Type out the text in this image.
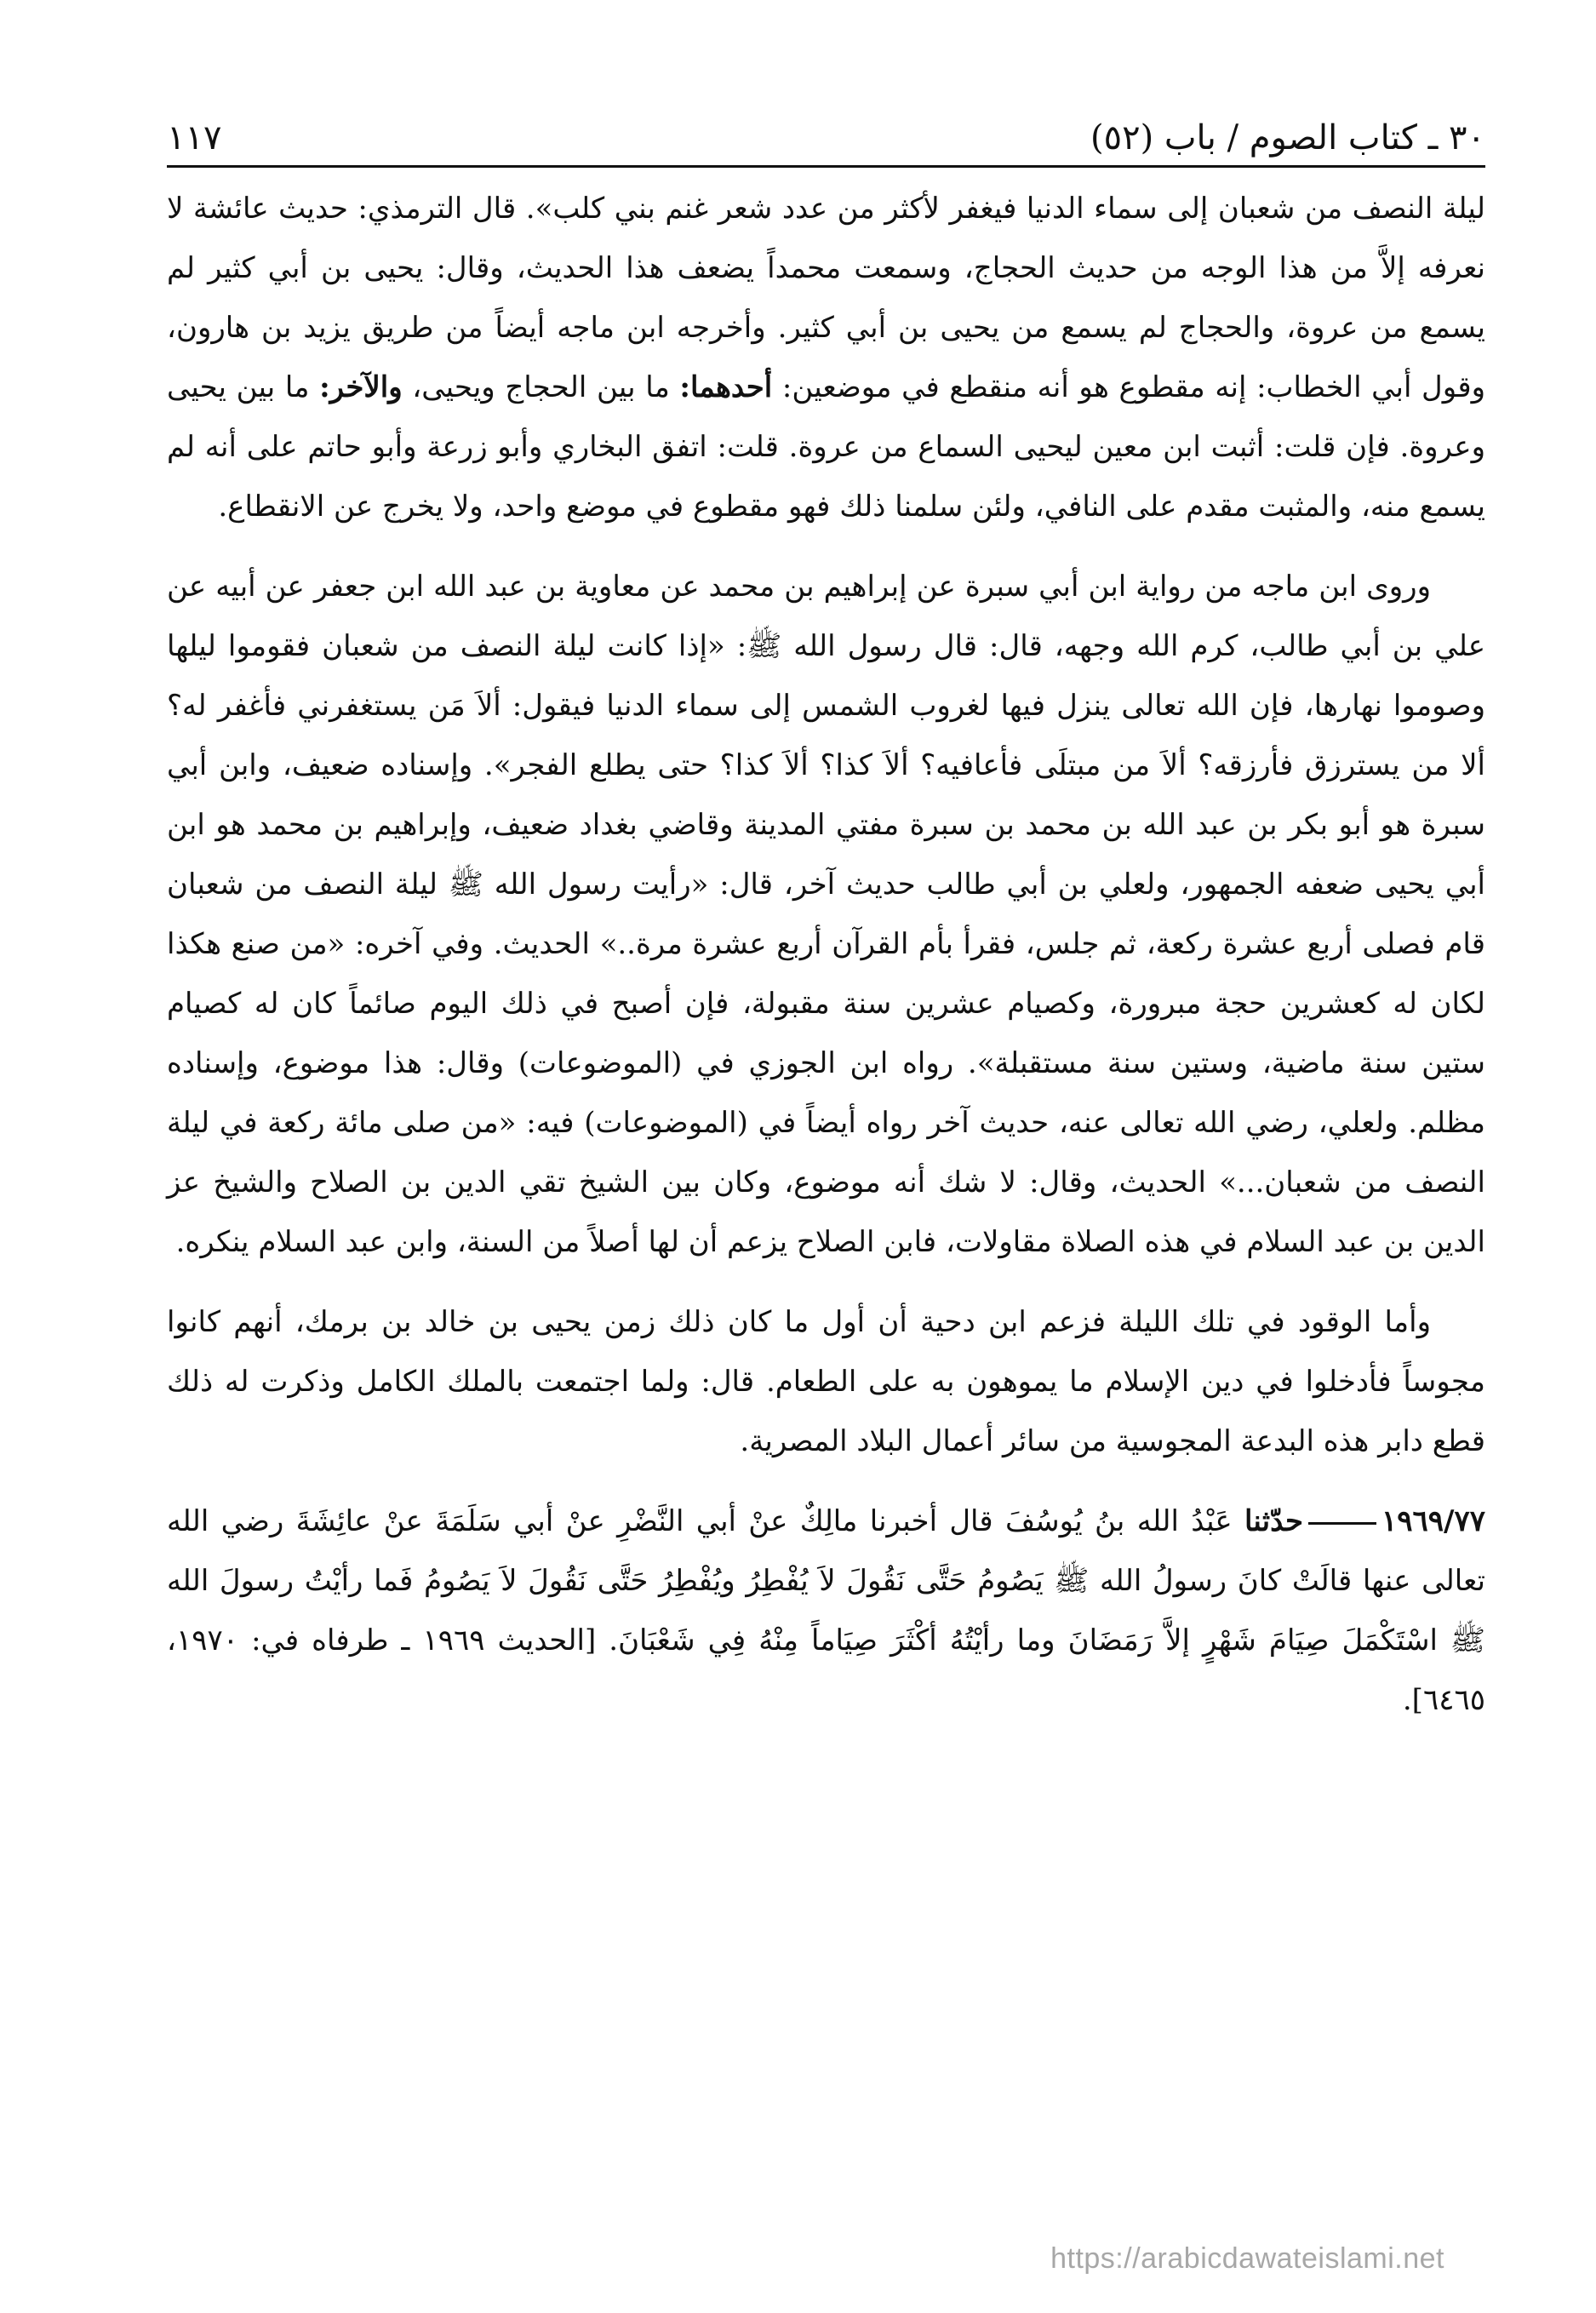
٣٠ ـ كتاب الصوم / باب (٥٢)
١١٧

ليلة النصف من شعبان إلى سماء الدنيا فيغفر لأكثر من عدد شعر غنم بني كلب». قال الترمذي: حديث عائشة لا نعرفه إلاَّ من هذا الوجه من حديث الحجاج، وسمعت محمداً يضعف هذا الحديث، وقال: يحيى بن أبي كثير لم يسمع من عروة، والحجاج لم يسمع من يحيى بن أبي كثير. وأخرجه ابن ماجه أيضاً من طريق يزيد بن هارون، وقول أبي الخطاب: إنه مقطوع هو أنه منقطع في موضعين: أحدهما: ما بين الحجاج ويحيى، والآخر: ما بين يحيى وعروة. فإن قلت: أثبت ابن معين ليحيى السماع من عروة. قلت: اتفق البخاري وأبو زرعة وأبو حاتم على أنه لم يسمع منه، والمثبت مقدم على النافي، ولئن سلمنا ذلك فهو مقطوع في موضع واحد، ولا يخرج عن الانقطاع.

وروى ابن ماجه من رواية ابن أبي سبرة عن إبراهيم بن محمد عن معاوية بن عبد الله ابن جعفر عن أبيه عن علي بن أبي طالب، كرم الله وجهه، قال: قال رسول الله ﷺ: «إذا كانت ليلة النصف من شعبان فقوموا ليلها وصوموا نهارها، فإن الله تعالى ينزل فيها لغروب الشمس إلى سماء الدنيا فيقول: ألاَ مَن يستغفرني فأغفر له؟ ألا من يسترزق فأرزقه؟ ألاَ من مبتلَى فأعافيه؟ ألاَ كذا؟ ألاَ كذا؟ حتى يطلع الفجر». وإسناده ضعيف، وابن أبي سبرة هو أبو بكر بن عبد الله بن محمد بن سبرة مفتي المدينة وقاضي بغداد ضعيف، وإبراهيم بن محمد هو ابن أبي يحيى ضعفه الجمهور، ولعلي بن أبي طالب حديث آخر، قال: «رأيت رسول الله ﷺ ليلة النصف من شعبان قام فصلى أربع عشرة ركعة، ثم جلس، فقرأ بأم القرآن أربع عشرة مرة..» الحديث. وفي آخره: «من صنع هكذا لكان له كعشرين حجة مبرورة، وكصيام عشرين سنة مقبولة، فإن أصبح في ذلك اليوم صائماً كان له كصيام ستين سنة ماضية، وستين سنة مستقبلة». رواه ابن الجوزي في (الموضوعات) وقال: هذا موضوع، وإسناده مظلم. ولعلي، رضي الله تعالى عنه، حديث آخر رواه أيضاً في (الموضوعات) فيه: «من صلى مائة ركعة في ليلة النصف من شعبان...» الحديث، وقال: لا شك أنه موضوع، وكان بين الشيخ تقي الدين بن الصلاح والشيخ عز الدين بن عبد السلام في هذه الصلاة مقاولات، فابن الصلاح يزعم أن لها أصلاً من السنة، وابن عبد السلام ينكره.

وأما الوقود في تلك الليلة فزعم ابن دحية أن أول ما كان ذلك زمن يحيى بن خالد بن برمك، أنهم كانوا مجوساً فأدخلوا في دين الإسلام ما يموهون به على الطعام. قال: ولما اجتمعت بالملك الكامل وذكرت له ذلك قطع دابر هذه البدعة المجوسية من سائر أعمال البلاد المصرية.

١٩٦٩/٧٧حدّثنا عَبْدُ الله بنُ يُوسُفَ قال أخبرنا مالِكٌ عنْ أبي النَّضْرِ عنْ أبي سَلَمَةَ عنْ عائِشَةَ رضي الله تعالى عنها قالَتْ كانَ رسولُ الله ﷺ يَصُومُ حَتَّى نَقُولَ لاَ يُفْطِرُ ويُفْطِرُ حَتَّى نَقُولَ لاَ يَصُومُ فَما رأيْتُ رسولَ الله ﷺ اسْتَكْمَلَ صِيَامَ شَهْرٍ إلاَّ رَمَضَانَ وما رأيْتُهُ أكْثَرَ صِيَاماً مِنْهُ فِي شَعْبَانَ. [الحديث ١٩٦٩ ـ طرفاه في: ١٩٧٠، ٦٤٦٥].

https://arabicdawateislami.net
